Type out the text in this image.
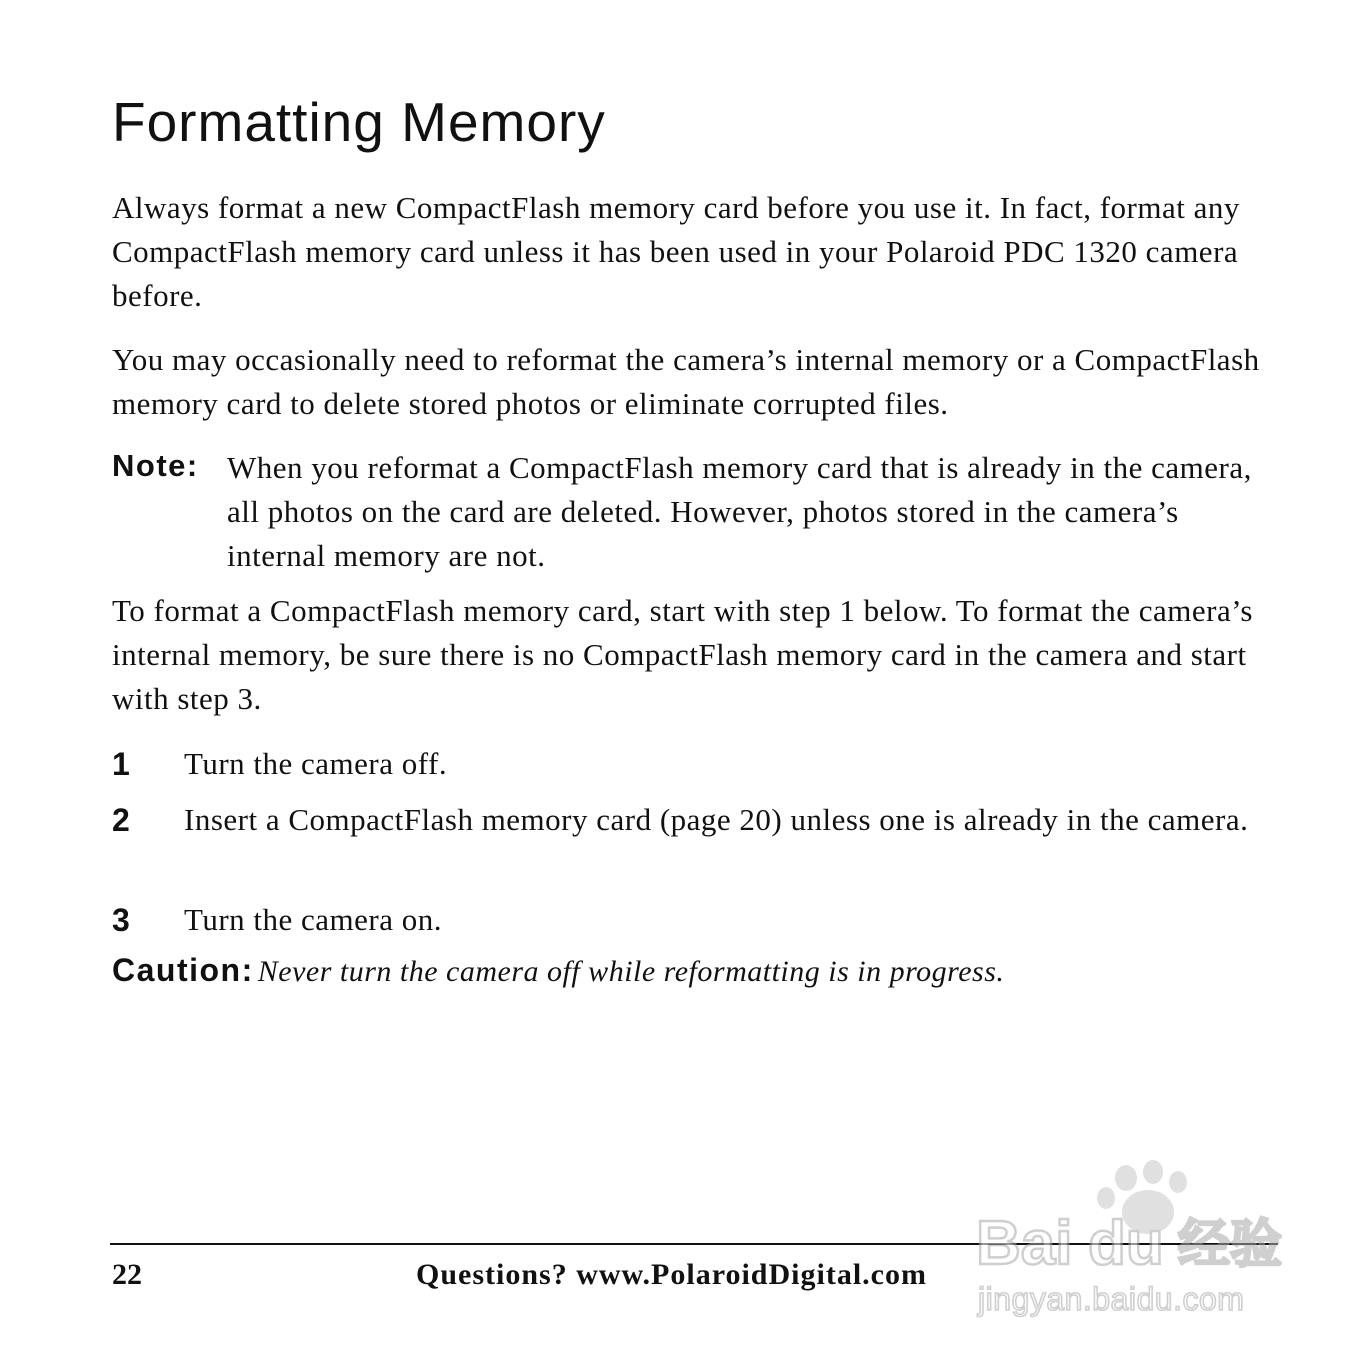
Formatting Memory

Always format a new CompactFlash memory card before you use it. In fact, format any CompactFlash memory card unless it has been used in your Polaroid PDC 1320 camera before.

You may occasionally need to reformat the camera’s internal memory or a CompactFlash memory card to delete stored photos or eliminate corrupted files.

Note: When you reformat a CompactFlash memory card that is already in the camera, all photos on the card are deleted. However, photos stored in the camera’s internal memory are not.

To format a CompactFlash memory card, start with step 1 below. To format the camera’s internal memory, be sure there is no CompactFlash memory card in the camera and start with step 3.

1 Turn the camera off.

2 Insert a CompactFlash memory card (page 20) unless one is already in the camera.

3 Turn the camera on.

Caution: Never turn the camera off while reformatting is in progress.
22	Questions? www.PolaroidDigital.com Bai du 经验
jingyan.baidu.com
